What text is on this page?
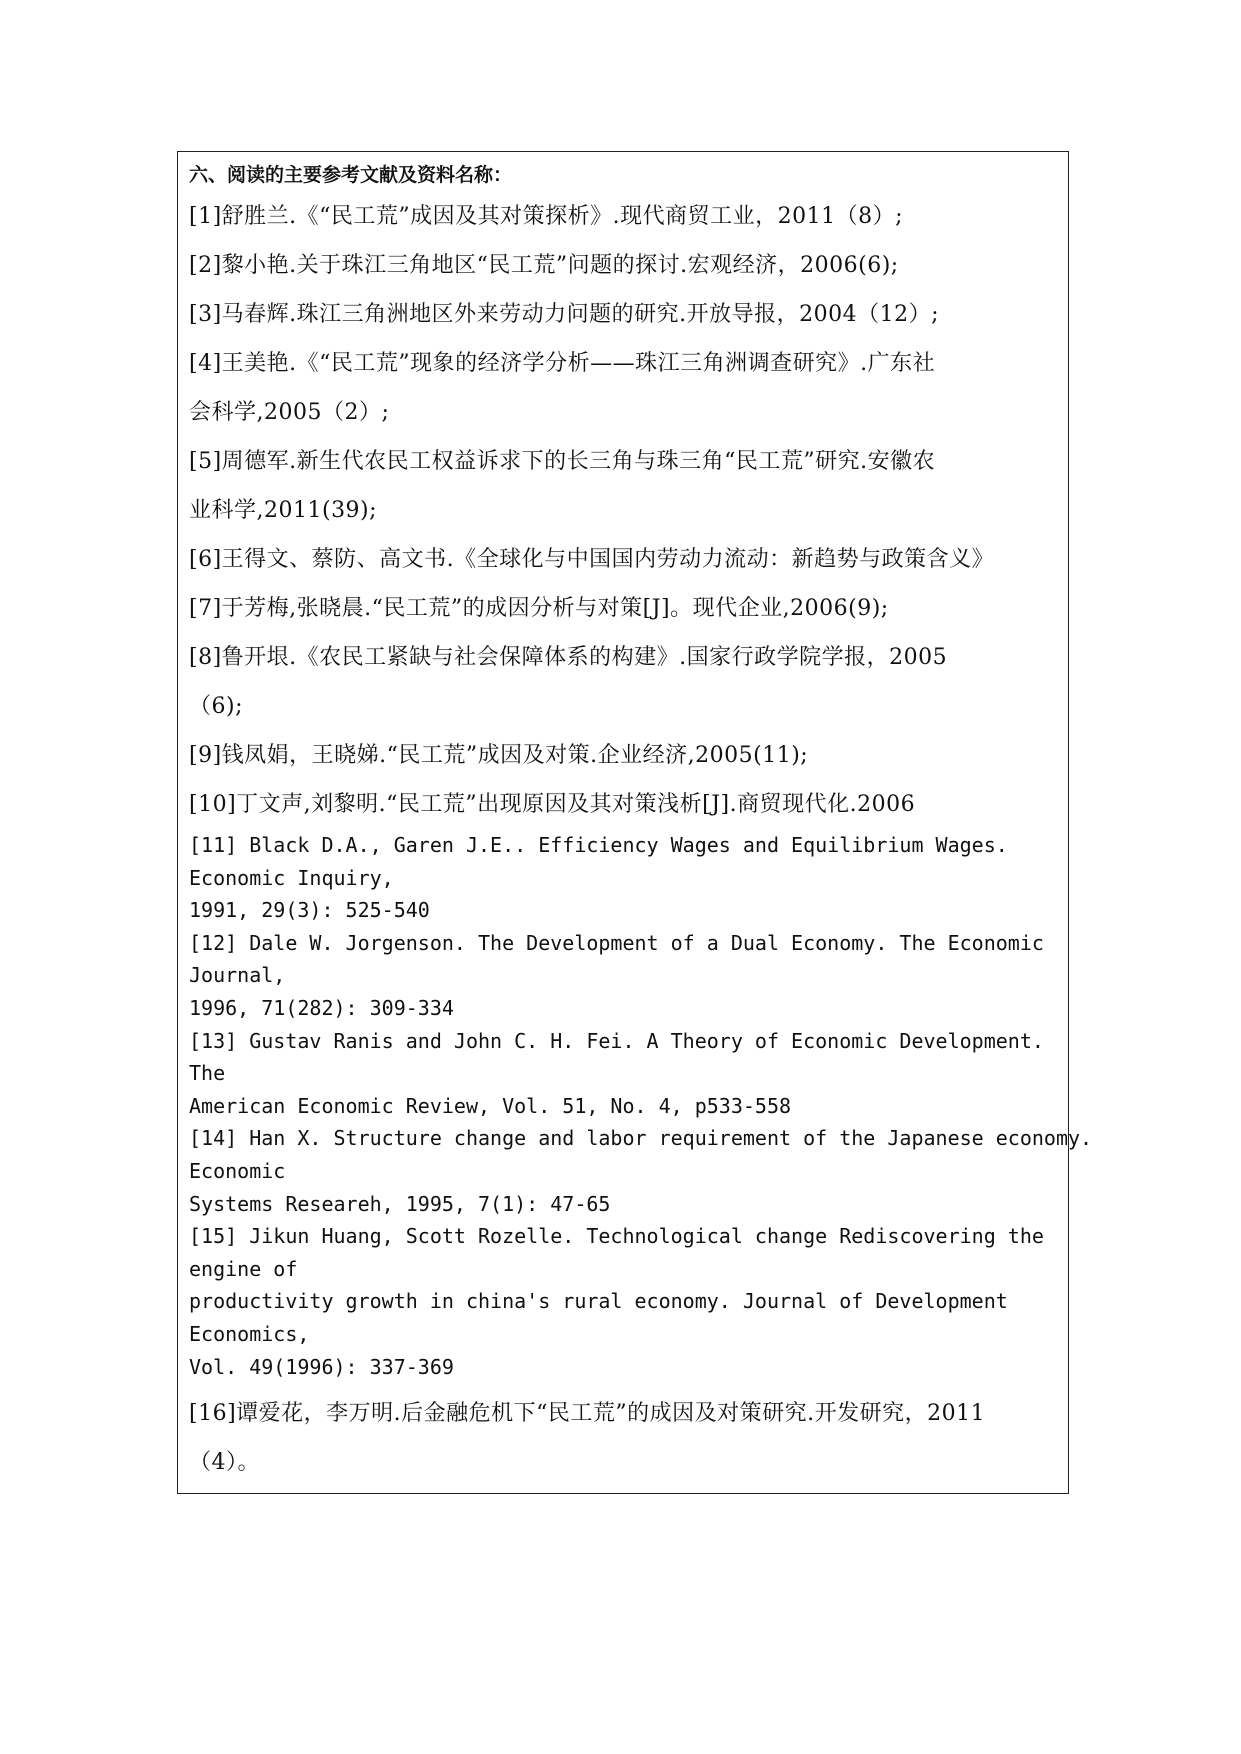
六、阅读的主要参考文献及资料名称：
[1]舒胜兰.《“民工荒”成因及其对策探析》.现代商贸工业，2011（8）;
[2]黎小艳.关于珠江三角地区“民工荒”问题的探讨.宏观经济，2006(6);
[3]马春辉.珠江三角洲地区外来劳动力问题的研究.开放导报，2004（12）;
[4]王美艳.《“民工荒”现象的经济学分析——珠江三角洲调查研究》.广东社
会科学,2005（2）;
[5]周德军.新生代农民工权益诉求下的长三角与珠三角“民工荒”研究.安徽农
业科学,2011(39);
[6]王得文、蔡防、高文书.《全球化与中国国内劳动力流动：新趋势与政策含义》
[7]于芳梅,张晓晨.“民工荒”的成因分析与对策[J]。现代企业,2006(9);
[8]鲁开垠.《农民工紧缺与社会保障体系的构建》.国家行政学院学报，2005
（6);
[9]钱凤娟，王晓娣.“民工荒”成因及对策.企业经济,2005(11);
[10]丁文声,刘黎明.“民工荒”出现原因及其对策浅析[J].商贸现代化.2006
[11] Black D.A., Garen J.E.. Efficiency Wages and Equilibrium Wages.
Economic Inquiry,
1991, 29(3): 525-540
[12] Dale W. Jorgenson. The Development of a Dual Economy. The Economic
Journal,
1996, 71(282): 309-334
[13] Gustav Ranis and John C. H. Fei. A Theory of Economic Development.
The
American Economic Review, Vol. 51, No. 4, p533-558
[14] Han X. Structure change and labor requirement of the Japanese economy.
Economic
Systems Researeh, 1995, 7(1): 47-65
[15] Jikun Huang, Scott Rozelle. Technological change Rediscovering the
engine of
productivity growth in china's rural economy. Journal of Development
Economics,
Vol. 49(1996): 337-369
[16]谭爱花，李万明.后金融危机下“民工荒”的成因及对策研究.开发研究，2011
（4）。
